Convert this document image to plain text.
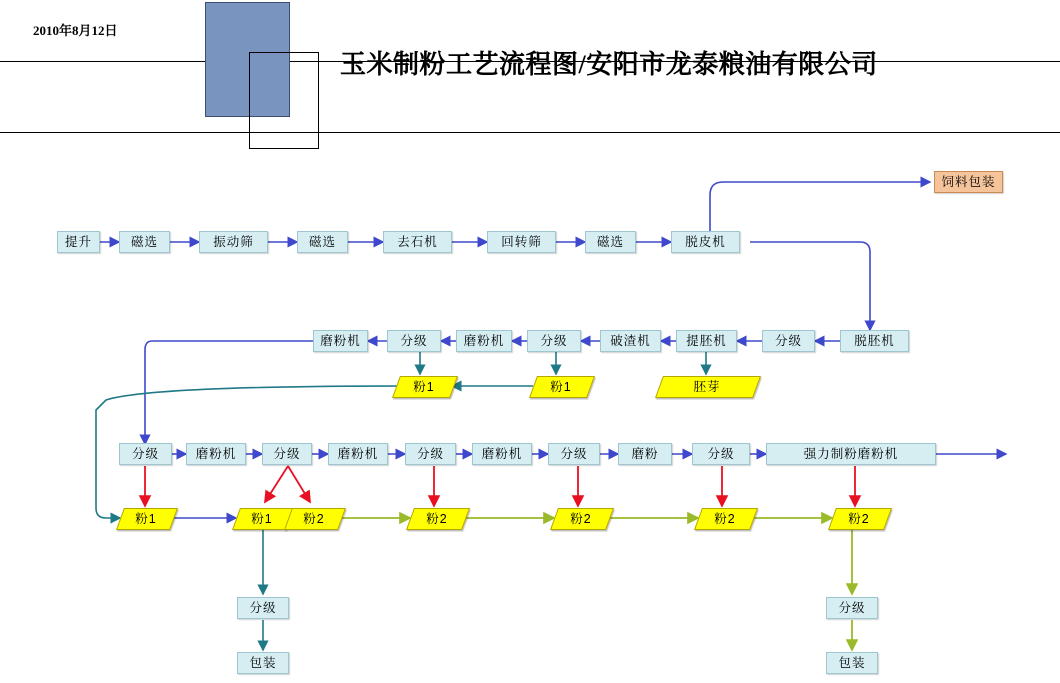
2010年8月12日
玉米制粉工艺流程图/安阳市龙泰粮油有限公司
提升	磁选	振动筛	磁选	去石机	回转筛	磁选	脱皮机
饲料包装
脱胚机
分级
提胚机
破渣机
分级
磨粉机
分级
磨粉机
粉1	粉1	胚芽
分级	磨粉机	分级	磨粉机	分级	磨粉机	分级	磨粉	分级	强力制粉磨粉机
粉1	粉1	粉2	粉2	粉2	粉2	粉2
分级
包装
分级
包装
